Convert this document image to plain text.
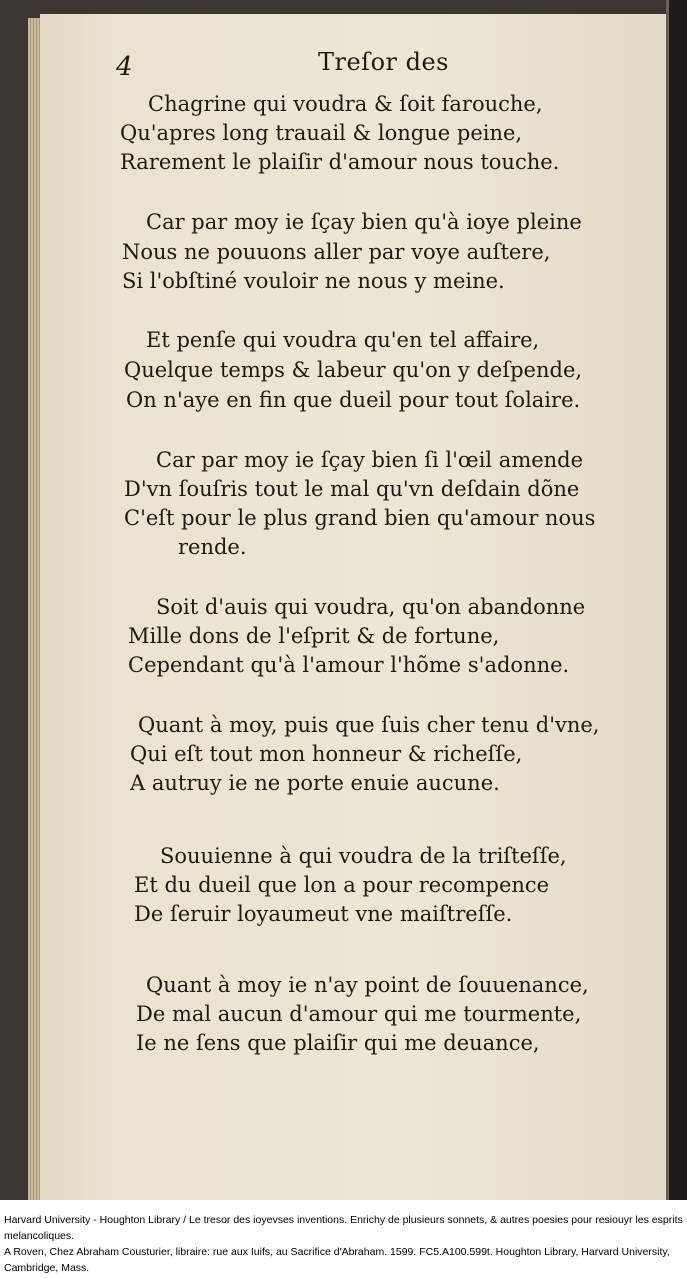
4	Treſor des
Chagrine qui voudra & ſoit farouche,
Qu'apres long trauail & longue peine,
Rarement le plaiſir d'amour nous touche.
Car par moy ie ſçay bien qu'à ioye pleine
Nous ne pouuons aller par voye auſtere,
Si l'obſtiné vouloir ne nous y meine.
Et penſe qui voudra qu'en tel affaire,
Quelque temps & labeur qu'on y deſpende,
On n'aye en fin que dueil pour tout ſolaire.
Car par moy ie ſçay bien ſi l'œil amende
D'vn ſouſris tout le mal qu'vn deſdain dõne
C'eſt pour le plus grand bien qu'amour nous
rende.
Soit d'auis qui voudra, qu'on abandonne
Mille dons de l'eſprit & de fortune,
Cependant qu'à l'amour l'hõme s'adonne.
Quant à moy, puis que ſuis cher tenu d'vne,
Qui eſt tout mon honneur & richeſſe,
A autruy ie ne porte enuie aucune.
Souuienne à qui voudra de la triſteſſe,
Et du dueil que lon a pour recompence
De ſeruir loyaumeut vne maiſtreſſe.
Quant à moy ie n'ay point de ſouuenance,
De mal aucun d'amour qui me tourmente,
Ie ne ſens que plaiſir qui me deuance,

Harvard University - Houghton Library / Le tresor des ioyevses inventions. Enrichy de plusieurs sonnets, & autres poesies pour resiouyr les esprits melancoliques.

A Roven, Chez Abraham Cousturier, libraire: rue aux Iuifs, au Sacrifice d'Abraham. 1599. FC5.A100.599t. Houghton Library, Harvard University, Cambridge, Mass.
